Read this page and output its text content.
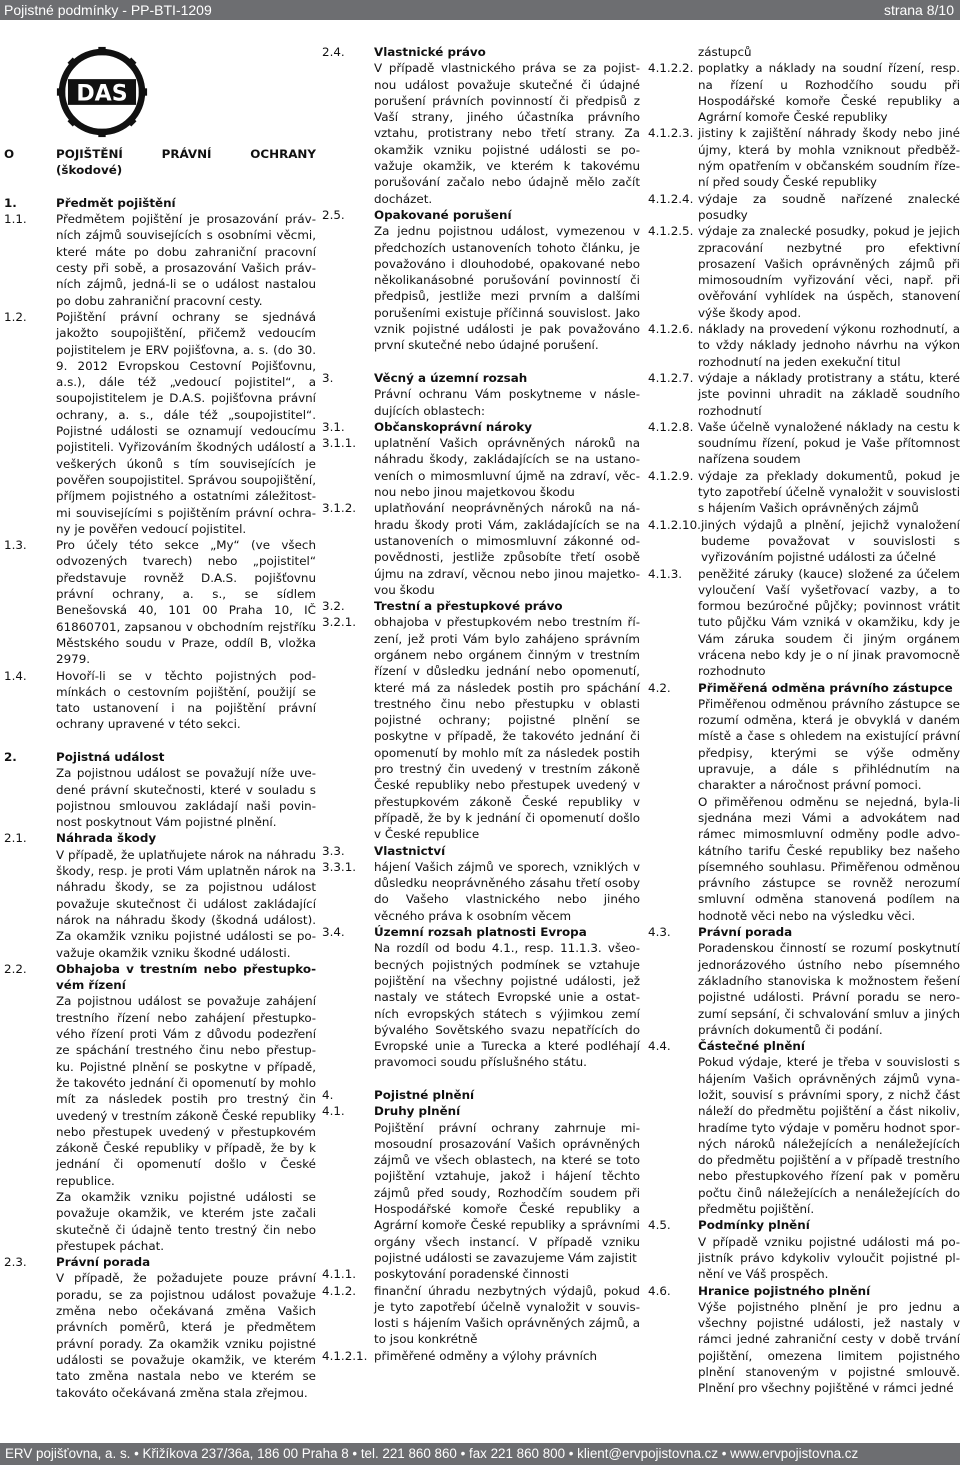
Pojistné podmínky - PP-BTI-1209	strana 8/10
DAS
O	POJIŠTĚNÍ PRÁVNÍ OCHRANY (škodové)
1.	Předmět pojištění
1.1.	Předmětem pojištění je prosazování právních zájmů souvisejících s osobními věcmi, které máte po dobu zahraniční pracovní cesty při sobě, a prosazování Vašich právních zájmů, jedná-li se o událost nastalou po dobu zahraniční pracovní cesty.
1.2.	Pojištění právní ochrany se sjednává jakožto soupojištění, přičemž vedoucím pojistitelem je ERV pojišťovna, a. s. (do 30. 9. 2012 Evropskou Cestovní Pojišťovnu, a.s.), dále též „vedoucí pojistitel“, a soupojistitelem je D.A.S. pojišťovna právní ochrany, a. s., dále též „soupojistitel“. Pojistné události se oznamují vedoucímu pojistiteli. Vyřizováním škodných událostí a veškerých úkonů s tím souvisejících je pověřen soupojistitel. Správou soupojištění, příjmem pojistného a ostatními záležitostmi souvisejícími s pojištěním právní ochrany je pověřen vedoucí pojistitel.
1.3.	Pro účely této sekce „My“ (ve všech odvozených tvarech) nebo „pojistitel“ představuje rovněž D.A.S. pojišťovnu právní ochrany, a. s., se sídlem Benešovská 40, 101 00 Praha 10, IČ 61860701, zapsanou v obchodním rejstříku Městského soudu v Praze, oddíl B, vložka 2979.
1.4.	Hovoří-li se v těchto pojistných podmínkách o cestovním pojištění, použijí se tato ustanovení i na pojištění právní ochrany upravené v této sekci.
2.	Pojistná událost
Za pojistnou událost se považují níže uvedené právní skutečnosti, které v souladu s pojistnou smlouvou zakládají naši povinnost poskytnout Vám pojistné plnění.
2.1.	Náhrada škody
V případě, že uplatňujete nárok na náhradu škody, resp. je proti Vám uplatněn nárok na náhradu škody, se za pojistnou událost považuje skutečnost či událost zakládající nárok na náhradu škody (škodná událost). Za okamžik vzniku pojistné události se považuje okamžik vzniku škodné události.
2.2.	Obhajoba v trestním nebo přestupkovém řízení
Za pojistnou událost se považuje zahájení trestního řízení nebo zahájení přestupkového řízení proti Vám z důvodu podezření ze spáchání trestného činu nebo přestupku. Pojistné plnění se poskytne v případě, že takovéto jednání či opomenutí by mohlo mít za následek postih pro trestný čin uvedený v trestním zákoně České republiky nebo přestupek uvedený v přestupkovém zákoně České republiky v případě, že by k jednání či opomenutí došlo v České republice.
Za okamžik vzniku pojistné události se považuje okamžik, ve kterém jste začali skutečně či údajně tento trestný čin nebo přestupek páchat.
2.3.	Právní porada
V případě, že požadujete pouze právní poradu, se za pojistnou událost považuje změna nebo očekávaná změna Vašich právních poměrů, která je předmětem právní porady. Za okamžik vzniku pojistné události se považuje okamžik, ve kterém tato změna nastala nebo ve kterém se takováto očekávaná změna stala zřejmou.
2.4.	Vlastnické právo
V případě vlastnického práva se za pojistnou událost považuje skutečné či údajné porušení právních povinností či předpisů z Vaší strany, jiného účastníka právního vztahu, protistrany nebo třetí strany. Za okamžik vzniku pojistné události se považuje okamžik, ve kterém k takovému porušování začalo nebo údajně mělo začít docházet.
2.5.	Opakované porušení
Za jednu pojistnou událost, vymezenou v předchozích ustanoveních tohoto článku, je považováno i dlouhodobé, opakované nebo několikanásobné porušování povinností či předpisů, jestliže mezi prvním a dalšími porušeními existuje příčinná souvislost. Jako vznik pojistné události je pak považováno první skutečné nebo údajné porušení.
3.	Věcný a územní rozsah
Právní ochranu Vám poskytneme v následujících oblastech:
3.1.	Občanskoprávní nároky
3.1.1.	uplatnění Vašich oprávněných nároků na náhradu škody, zakládajících se na ustanoveních o mimosmluvní újmě na zdraví, věcnou nebo jinou majetkovou škodu
3.1.2.	uplatňování neoprávněných nároků na náhradu škody proti Vám, zakládajících se na ustanoveních o mimosmluvní zákonné odpovědnosti, jestliže způsobíte třetí osobě újmu na zdraví, věcnou nebo jinou majetkovou škodu
3.2.	Trestní a přestupkové právo
3.2.1.	obhajoba v přestupkovém nebo trestním řízení, jež proti Vám bylo zahájeno správním orgánem nebo orgánem činným v trestním řízení v důsledku jednání nebo opomenutí, které má za následek postih pro spáchání trestného činu nebo přestupku v oblasti pojistné ochrany; pojistné plnění se poskytne v případě, že takovéto jednání či opomenutí by mohlo mít za následek postih pro trestný čin uvedený v trestním zákoně České republiky nebo přestupek uvedený v přestupkovém zákoně České republiky v případě, že by k jednání či opomenutí došlo v České republice
3.3.	Vlastnictví
3.3.1.	hájení Vašich zájmů ve sporech, vzniklých v důsledku neoprávněného zásahu třetí osoby do Vašeho vlastnického nebo jiného věcného práva k osobním věcem
3.4.	Územní rozsah platnosti Evropa
Na rozdíl od bodu 4.1., resp. 11.1.3. všeobecných pojistných podmínek se vztahuje pojištění na všechny pojistné události, jež nastaly ve státech Evropské unie a ostatních evropských státech s výjimkou zemí bývalého Sovětského svazu nepatřících do Evropské unie a Turecka a které podléhají pravomoci soudu příslušného státu.
4.	Pojistné plnění
4.1.	Druhy plnění
Pojištění právní ochrany zahrnuje mimosoudní prosazování Vašich oprávněných zájmů ve všech oblastech, na které se toto pojištění vztahuje, jakož i hájení těchto zájmů před soudy, Rozhodčím soudem při Hospodářské komoře České republiky a Agrární komoře České republiky a správními orgány všech instancí. V případě vzniku pojistné události se zavazujeme Vám zajistit
4.1.1.	poskytování poradenské činnosti
4.1.2.	finanční úhradu nezbytných výdajů, pokud je tyto zapotřebí účelně vynaložit v souvislosti s hájením Vašich oprávněných zájmů, a to jsou konkrétně
4.1.2.1. přiměřené odměny a výlohy právních
zástupců
4.1.2.2. poplatky a náklady na soudní řízení, resp. na řízení u Rozhodčího soudu při Hospodářské komoře České republiky a Agrární komoře České republiky
4.1.2.3. jistiny k zajištění náhrady škody nebo jiné újmy, která by mohla vzniknout předběžným opatřením v občanském soudním řízení před soudy České republiky
4.1.2.4. výdaje za soudně nařízené znalecké posudky
4.1.2.5. výdaje za znalecké posudky, pokud je jejich zpracování nezbytné pro efektivní prosazení Vašich oprávněných zájmů při mimosoudním vyřizování věci, např. při ověřování vyhlídek na úspěch, stanovení výše škody apod.
4.1.2.6. náklady na provedení výkonu rozhodnutí, a to vždy náklady jednoho návrhu na výkon rozhodnutí na jeden exekuční titul
4.1.2.7. výdaje a náklady protistrany a státu, které jste povinni uhradit na základě soudního rozhodnutí
4.1.2.8. Vaše účelně vynaložené náklady na cestu k soudnímu řízení, pokud je Vaše přítomnost nařízena soudem
4.1.2.9. výdaje za překlady dokumentů, pokud je tyto zapotřebí účelně vynaložit v souvislosti s hájením Vašich oprávněných zájmů
4.1.2.10. jiných výdajů a plnění, jejichž vynaložení budeme považovat v souvislosti s vyřizováním pojistné události za účelné
4.1.3.	peněžité záruky (kauce) složené za účelem vyloučení Vaší vyšetřovací vazby, a to formou bezúročné půjčky; povinnost vrátit tuto půjčku Vám vzniká v okamžiku, kdy je Vám záruka soudem či jiným orgánem vrácena nebo kdy je o ní jinak pravomocně rozhodnuto
4.2.	Přiměřená odměna právního zástupce
Přiměřenou odměnou právního zástupce se rozumí odměna, která je obvyklá v daném místě a čase s ohledem na existující právní předpisy, kterými se výše odměny upravuje, a dále s přihlédnutím na charakter a náročnost právní pomoci.
O přiměřenou odměnu se nejedná, byla-li sjednána mezi Vámi a advokátem nad rámec mimosmluvní odměny podle advokátního tarifu České republiky bez našeho písemného souhlasu. Přiměřenou odměnou právního zástupce se rovněž nerozumí smluvní odměna stanovená podílem na hodnotě věci nebo na výsledku věci.
4.3.	Právní porada
Poradenskou činností se rozumí poskytnutí jednorázového ústního nebo písemného základního stanoviska k možnostem řešení pojistné události. Právní poradu se nerozumí sepsání, či schvalování smluv a jiných právních dokumentů či podání.
4.4.	Částečné plnění
Pokud výdaje, které je třeba v souvislosti s hájením Vašich oprávněných zájmů vynaložit, souvisí s právními spory, z nichž část náleží do předmětu pojištění a část nikoliv, hradíme tyto výdaje v poměru hodnot sporných nároků náležejících a nenáležejících do předmětu pojištění a v případě trestního nebo přestupkového řízení pak v poměru počtu činů náležejících a nenáležejících do předmětu pojištění.
4.5.	Podmínky plnění
V případě vzniku pojistné události má pojistník právo kdykoliv vyloučit pojistné plnění ve Váš prospěch.
4.6.	Hranice pojistného plnění
Výše pojistného plnění je pro jednu a všechny pojistné události, jež nastaly v rámci jedné zahraniční cesty v době trvání pojištění, omezena limitem pojistného plnění stanoveným v pojistné smlouvě. Plnění pro všechny pojištěné v rámci jedné
ERV pojišťovna, a. s. • Křižíkova 237/36a, 186 00 Praha 8 • tel. 221 860 860 • fax 221 860 800 • klient@ervpojistovna.cz • www.ervpojistovna.cz
